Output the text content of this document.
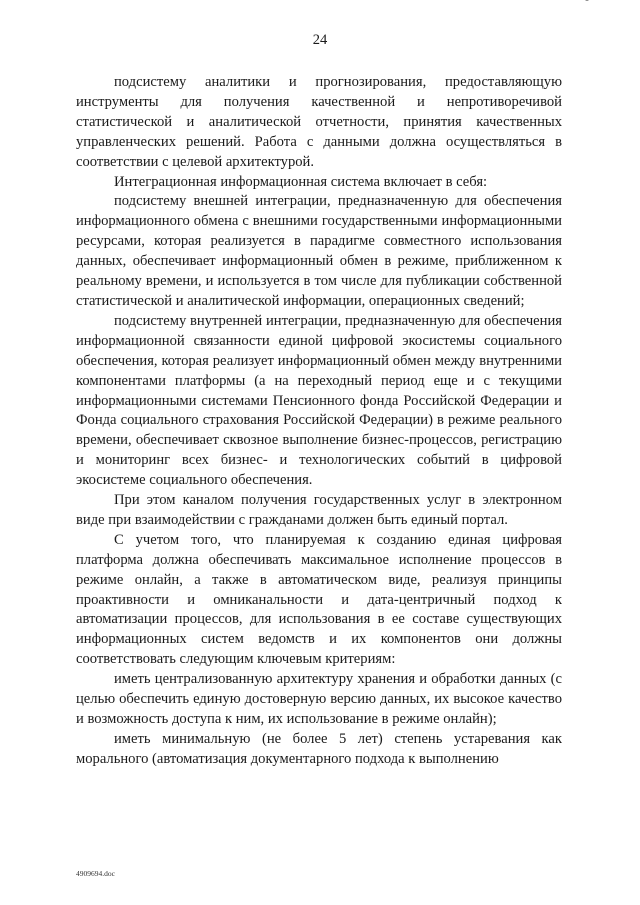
24

подсистему аналитики и прогнозирования, предоставляющую инструменты для получения качественной и непротиворечивой статистической и аналитической отчетности, принятия качественных управленческих решений. Работа с данными должна осуществляться в соответствии с целевой архитектурой.

Интеграционная информационная система включает в себя:

подсистему внешней интеграции, предназначенную для обеспечения информационного обмена с внешними государственными информационными ресурсами, которая реализуется в парадигме совместного использования данных, обеспечивает информационный обмен в режиме, приближенном к реальному времени, и используется в том числе для публикации собственной статистической и аналитической информации, операционных сведений;

подсистему внутренней интеграции, предназначенную для обеспечения информационной связанности единой цифровой экосистемы социального обеспечения, которая реализует информационный обмен между внутренними компонентами платформы (а на переходный период еще и с текущими информационными системами Пенсионного фонда Российской Федерации и Фонда социального страхования Российской Федерации) в режиме реального времени, обеспечивает сквозное выполнение бизнес-процессов, регистрацию и мониторинг всех бизнес- и технологических событий в цифровой экосистеме социального обеспечения.

При этом каналом получения государственных услуг в электронном виде при взаимодействии с гражданами должен быть единый портал.

С учетом того, что планируемая к созданию единая цифровая платформа должна обеспечивать максимальное исполнение процессов в режиме онлайн, а также в автоматическом виде, реализуя принципы проактивности и омниканальности и дата-центричный подход к автоматизации процессов, для использования в ее составе существующих информационных систем ведомств и их компонентов они должны соответствовать следующим ключевым критериям:

иметь централизованную архитектуру хранения и обработки данных (с целью обеспечить единую достоверную версию данных, их высокое качество и возможность доступа к ним, их использование в режиме онлайн);

иметь минимальную (не более 5 лет) степень устаревания как морального (автоматизация документарного подхода к выполнению

4909694.doc
